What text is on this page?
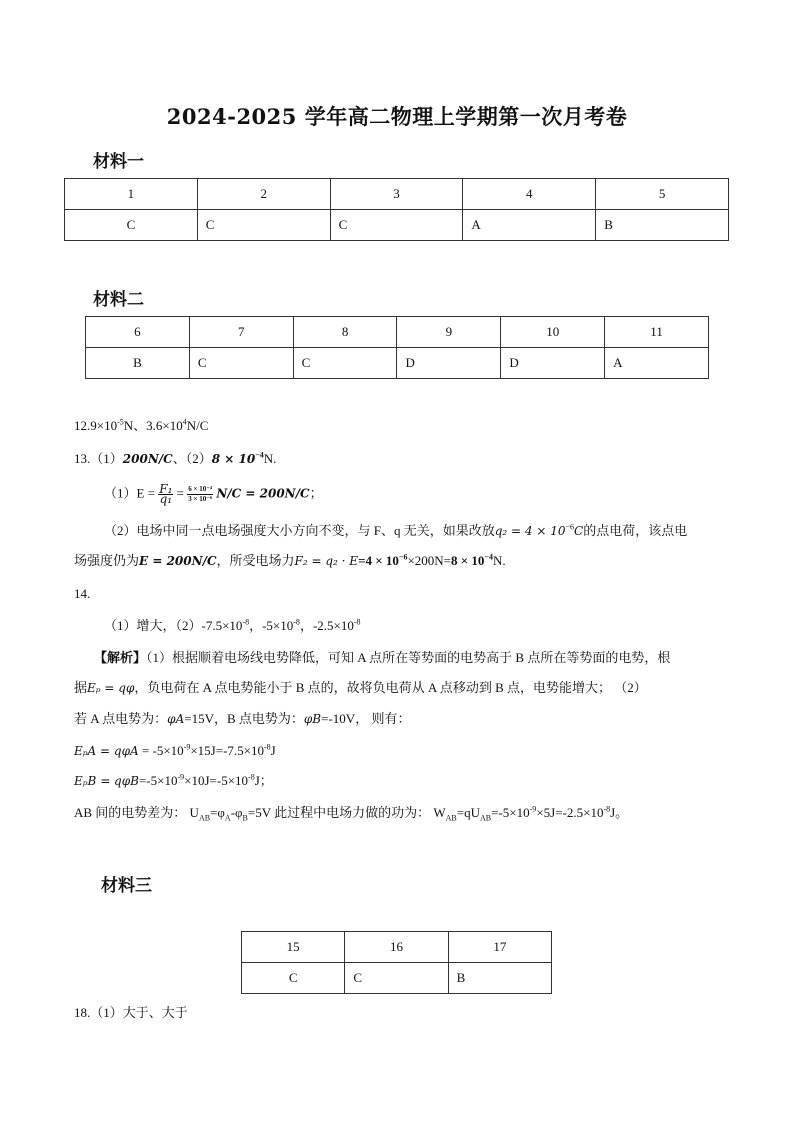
2024-2025 学年高二物理上学期第一次月考卷
材料一
1	2	3	4	5
C	C	C	A	B
材料二
6	7	8	9	10	11
B	C	C	D	D	A
$12.9\times 10^{-5}N$、$3.6\times 10^4N/C$
13.（1）200N/C、$(2)8 \times 10^{-4}N$.
$(1)E = \frac{\text{F₁}}{\text{q₁}} = \frac{\text{6 × 10⁻⁴}}{\text{3 × 10⁻⁶}} N/C = 200N/C$；
（2）电场中同一点电场强度大小方向不变，与 F、q 无关，如果改放$q_2 = 4 \times 10^{-6}C$的点电荷，该点电
场强度仍为E = 200N/C，所受电场力$F_2 = q_2 \cdot E=4 \times 10^{-6}\times 200N=8 \times 10^{-4}N$.
14.
（1）增大，$(2)-7.5\times 10^{-8}$，$-5\times 10^{-8}$，$-2.5\times 10^{-8}$
【解析】（1）根据顺着电场线电势降低，可知 A 点所在等势面的电势高于 B 点所在等势面的电势，根
据Eₚ = qφ，负电荷在 A 点电势能小于 B 点的，故将负电荷从 A 点移动到 B 点，电势能增大； （2）
若 A 点电势为：φA=15V，B 点电势为：φB=-10V， 则有：
$E_pA = q\varphi A = -5\times 10^{-9}\times 15J=-7.5\times 10^{-8}J$
$E_pB = q\varphi B=-5\times 10^{-9}\times 10J=-5\times 10^{-8}J$；
AB 间的电势差为： $U_{AB}=\varphi_A-\varphi_B=5V$ 此过程中电场力做的功为： $W_{AB}=qU_{AB}=-5\times 10^{-9}\times 5J=-2.5\times 10^{-8}J$。
材料三
15	16	17
C	C	B
18.（1）大于、大于
